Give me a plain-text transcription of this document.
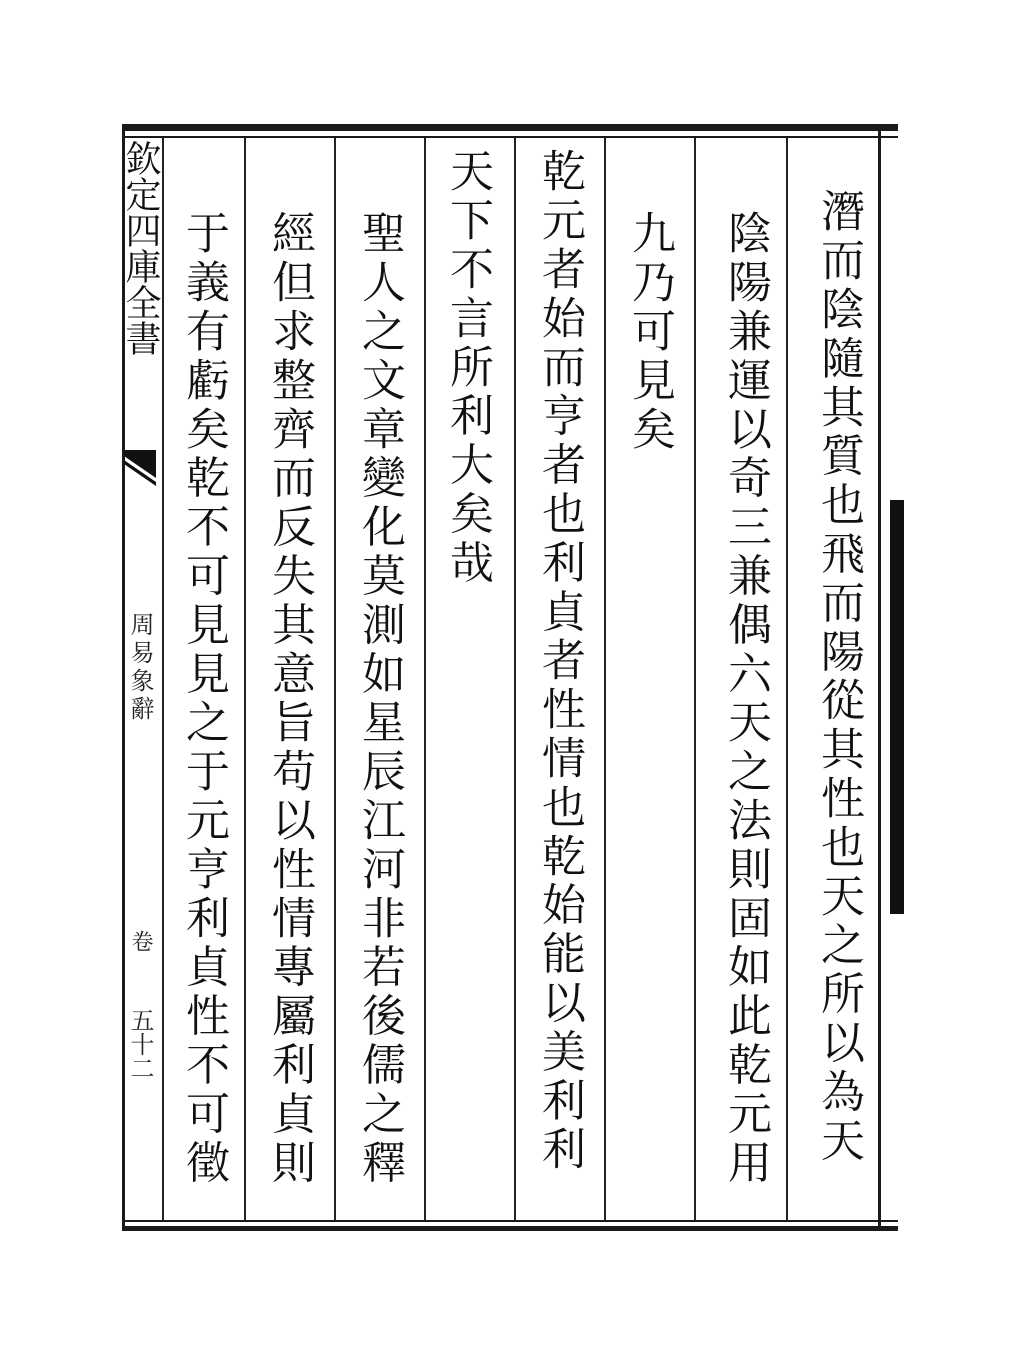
欽定四庫全書
周易象辭
卷
五十二	潛而陰隨其質也飛而陽從其性也天之所以為天
陰陽兼運以奇三兼偶六天之法則固如此乾元用
九乃可見矣
乾元者始而亨者也利貞者性情也乾始能以美利利
天下不言所利大矣哉
聖人之文章變化莫測如星辰江河非若後儒之釋
經但求整齊而反失其意旨苟以性情專屬利貞則
于義有虧矣乾不可見見之于元亨利貞性不可徵
